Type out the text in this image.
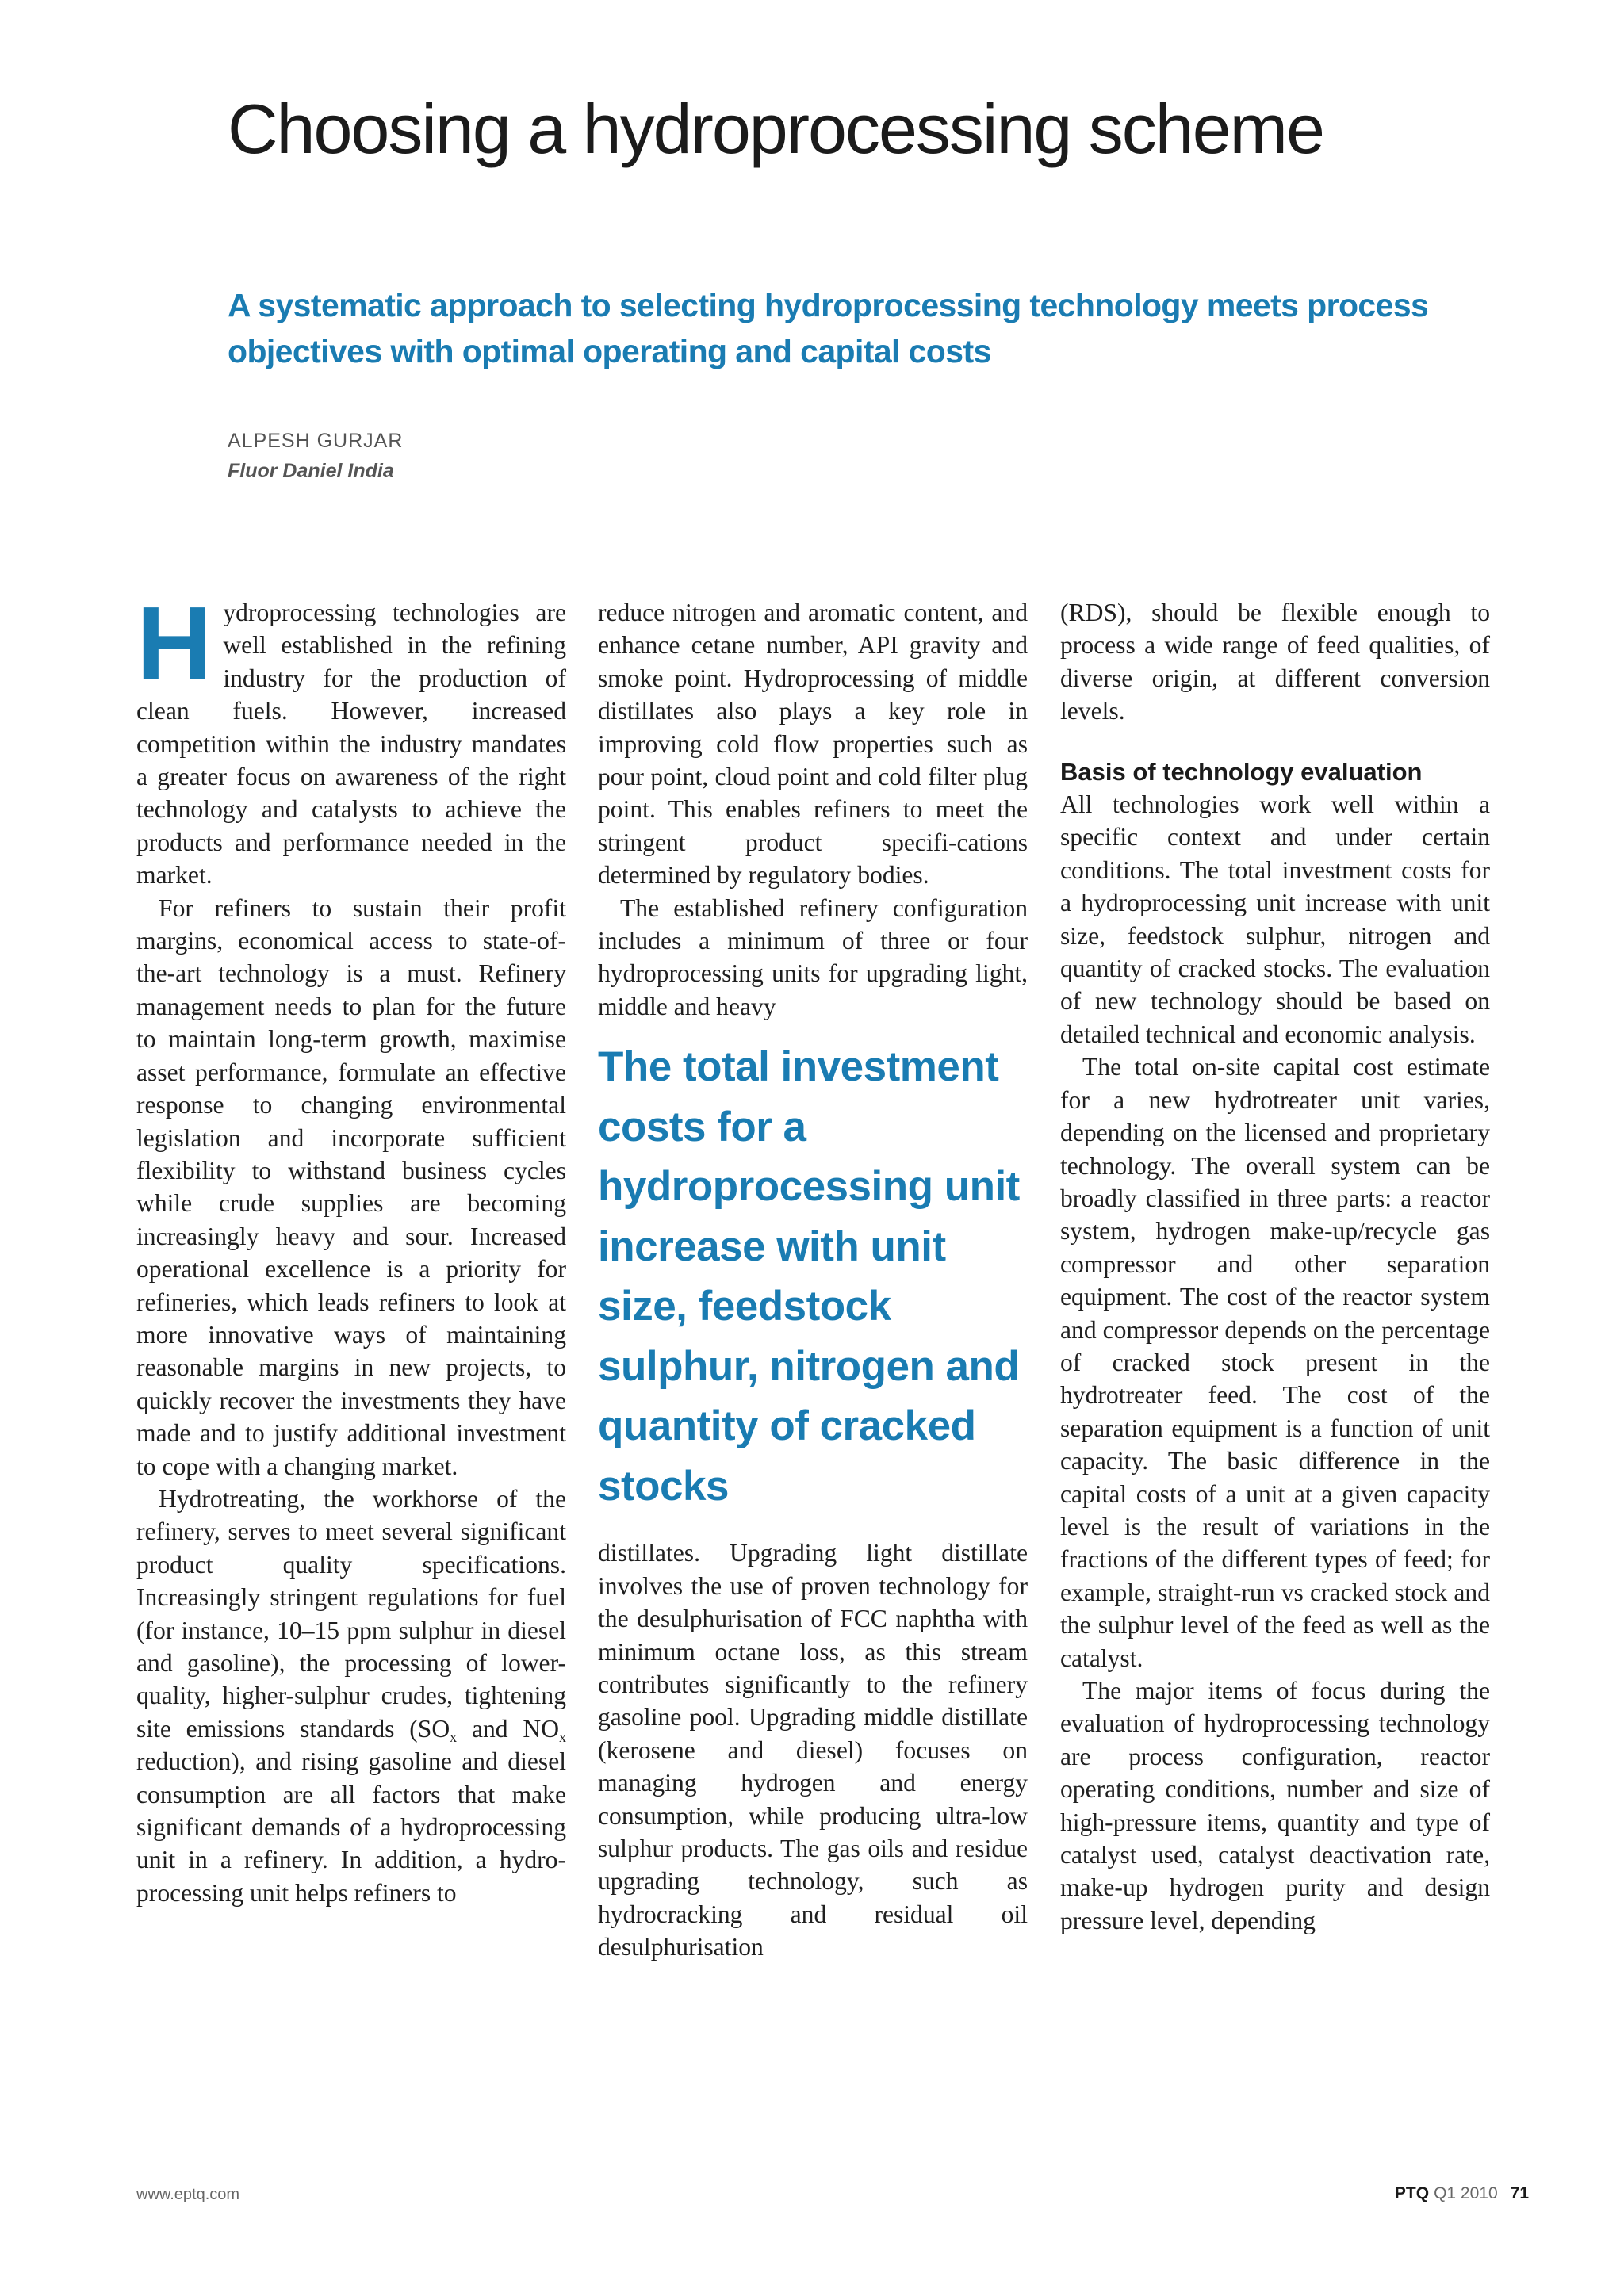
Choosing a hydroprocessing scheme
A systematic approach to selecting hydroprocessing technology meets process objectives with optimal operating and capital costs
ALPESH GURJAR
Fluor Daniel India

Hydroprocessing technologies are well established in the refining industry for the production of clean fuels. However, increased competition within the industry mandates a greater focus on awareness of the right technology and catalysts to achieve the products and performance needed in the market.

For refiners to sustain their profit margins, economical access to state-of-the-art technology is a must. Refinery management needs to plan for the future to maintain long-term growth, maximise asset performance, formulate an effective response to changing environmental legislation and incorporate sufficient flexibility to withstand business cycles while crude supplies are becoming increasingly heavy and sour. Increased operational excellence is a priority for refineries, which leads refiners to look at more innovative ways of maintaining reasonable margins in new projects, to quickly recover the investments they have made and to justify additional investment to cope with a changing market.

Hydrotreating, the workhorse of the refinery, serves to meet several significant product quality specifications. Increasingly stringent regulations for fuel (for instance, 10–15 ppm sulphur in diesel and gasoline), the processing of lower-quality, higher-sulphur crudes, tightening site emissions standards ($SO_x$ and $NO_x$ reduction), and rising gasoline and diesel consumption are all factors that make significant demands of a hydroprocessing unit in a refinery. In addition, a hydroprocessing unit helps refiners to

reduce nitrogen and aromatic content, and enhance cetane number, API gravity and smoke point. Hydroprocessing of middle distillates also plays a key role in improving cold flow properties such as pour point, cloud point and cold filter plug point. This enables refiners to meet the stringent product specifi-cations determined by regulatory bodies.

The established refinery configuration includes a minimum of three or four hydroprocessing units for upgrading light, middle and heavy

The total investment costs for a hydroprocessing unit increase with unit size, feedstock sulphur, nitrogen and quantity of cracked stocks

distillates. Upgrading light distillate involves the use of proven technology for the desulphurisation of FCC naphtha with minimum octane loss, as this stream contributes significantly to the refinery gasoline pool. Upgrading middle distillate (kerosene and diesel) focuses on managing hydrogen and energy consumption, while producing ultra-low sulphur products. The gas oils and residue upgrading technology, such as hydrocracking and residual oil desulphurisation

(RDS), should be flexible enough to process a wide range of feed qualities, of diverse origin, at different conversion levels.

Basis of technology evaluation

All technologies work well within a specific context and under certain conditions. The total investment costs for a hydroprocessing unit increase with unit size, feedstock sulphur, nitrogen and quantity of cracked stocks. The evaluation of new technology should be based on detailed technical and economic analysis.

The total on-site capital cost estimate for a new hydrotreater unit varies, depending on the licensed and proprietary technology. The overall system can be broadly classified in three parts: a reactor system, hydrogen make-up/recycle gas compressor and other separation equipment. The cost of the reactor system and compressor depends on the percentage of cracked stock present in the hydrotreater feed. The cost of the separation equipment is a function of unit capacity. The basic difference in the capital costs of a unit at a given capacity level is the result of variations in the fractions of the different types of feed; for example, straight-run vs cracked stock and the sulphur level of the feed as well as the catalyst.

The major items of focus during the evaluation of hydroprocessing technology are process configuration, reactor operating conditions, number and size of high-pressure items, quantity and type of catalyst used, catalyst deactivation rate, make-up hydrogen purity and design pressure level, depending

www.eptq.com	PTQ Q1 2010 71
